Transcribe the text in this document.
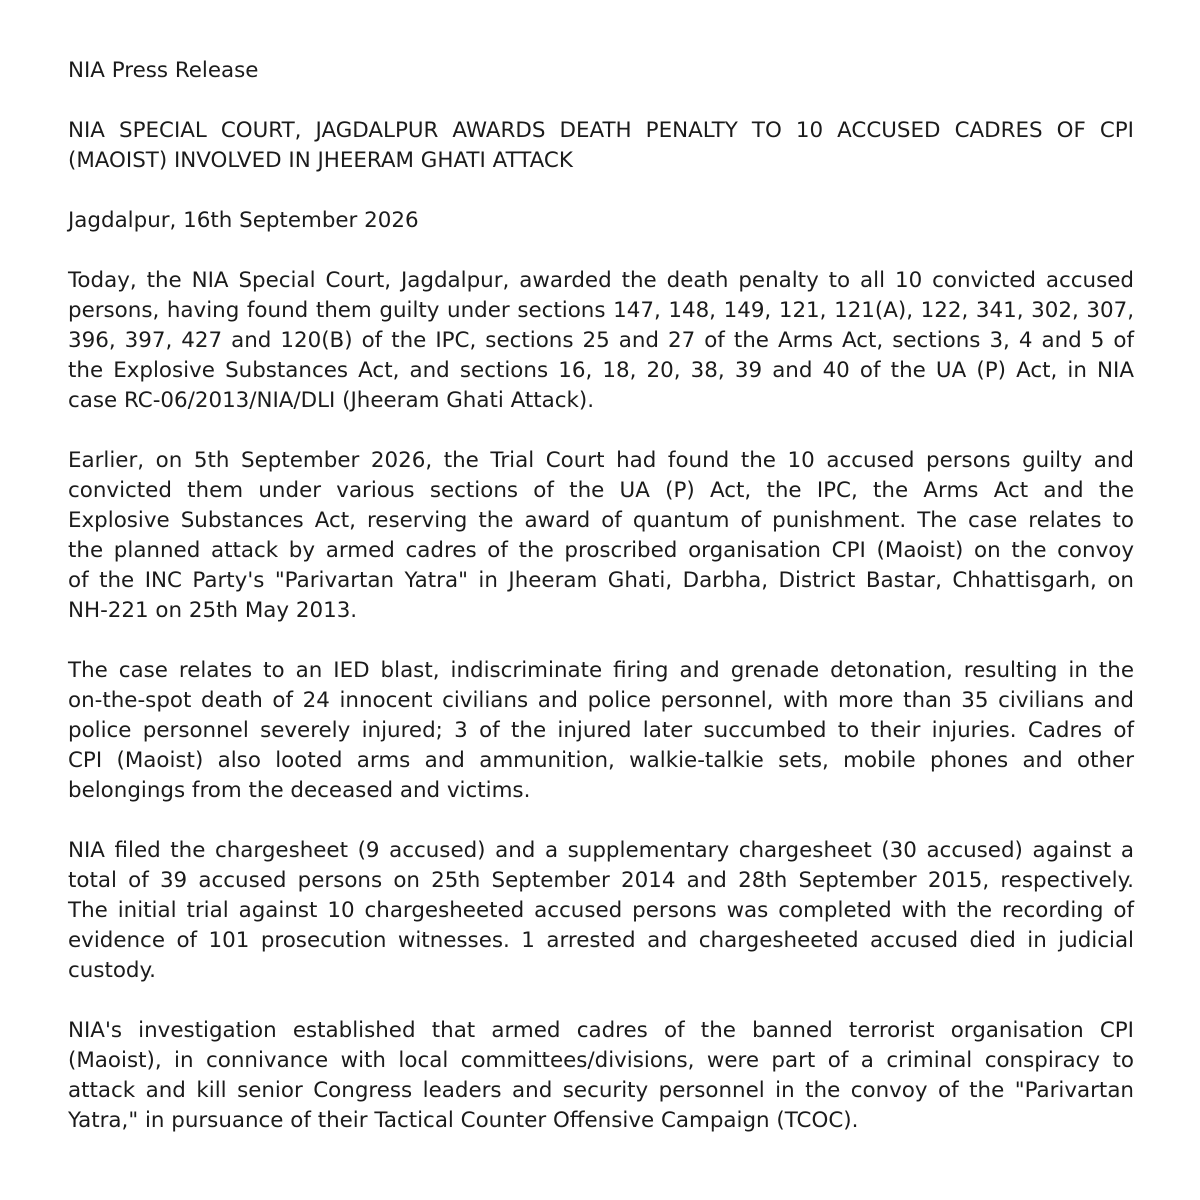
NIA Press Release

NIA SPECIAL COURT, JAGDALPUR AWARDS DEATH PENALTY TO 10 ACCUSED CADRES OF CPI
(MAOIST) INVOLVED IN JHEERAM GHATI ATTACK

Jagdalpur, 16th September 2026

Today, the NIA Special Court, Jagdalpur, awarded the death penalty to all 10 convicted accused
persons, having found them guilty under sections 147, 148, 149, 121, 121(A), 122, 341, 302, 307,
396, 397, 427 and 120(B) of the IPC, sections 25 and 27 of the Arms Act, sections 3, 4 and 5 of
the Explosive Substances Act, and sections 16, 18, 20, 38, 39 and 40 of the UA (P) Act, in NIA
case RC-06/2013/NIA/DLI (Jheeram Ghati Attack).
Earlier, on 5th September 2026, the Trial Court had found the 10 accused persons guilty and
convicted them under various sections of the UA (P) Act, the IPC, the Arms Act and the
Explosive Substances Act, reserving the award of quantum of punishment. The case relates to
the planned attack by armed cadres of the proscribed organisation CPI (Maoist) on the convoy
of the INC Party's "Parivartan Yatra" in Jheeram Ghati, Darbha, District Bastar, Chhattisgarh, on
NH-221 on 25th May 2013.
The case relates to an IED blast, indiscriminate firing and grenade detonation, resulting in the
on-the-spot death of 24 innocent civilians and police personnel, with more than 35 civilians and
police personnel severely injured; 3 of the injured later succumbed to their injuries. Cadres of
CPI (Maoist) also looted arms and ammunition, walkie-talkie sets, mobile phones and other
belongings from the deceased and victims.
NIA filed the chargesheet (9 accused) and a supplementary chargesheet (30 accused) against a
total of 39 accused persons on 25th September 2014 and 28th September 2015, respectively.
The initial trial against 10 chargesheeted accused persons was completed with the recording of
evidence of 101 prosecution witnesses. 1 arrested and chargesheeted accused died in judicial
custody.
NIA's investigation established that armed cadres of the banned terrorist organisation CPI
(Maoist), in connivance with local committees/divisions, were part of a criminal conspiracy to
attack and kill senior Congress leaders and security personnel in the convoy of the "Parivartan
Yatra," in pursuance of their Tactical Counter Offensive Campaign (TCOC).
